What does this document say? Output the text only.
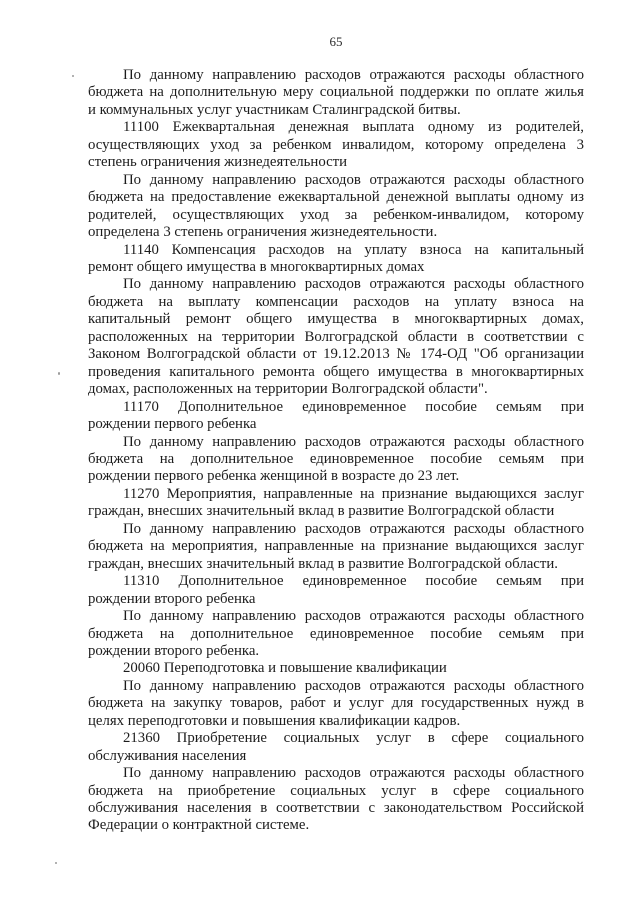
65
По данному направлению расходов отражаются расходы областного
бюджета на дополнительную меру социальной поддержки по оплате жилья
и коммунальных услуг участникам Сталинградской битвы.
11100 Ежеквартальная денежная выплата одному из родителей,
осуществляющих уход за ребенком инвалидом, которому определена 3
степень ограничения жизнедеятельности
По данному направлению расходов отражаются расходы областного
бюджета на предоставление ежеквартальной денежной выплаты одному из
родителей, осуществляющих уход за ребенком-инвалидом, которому
определена 3 степень ограничения жизнедеятельности.
11140 Компенсация расходов на уплату взноса на капитальный
ремонт общего имущества в многоквартирных домах
По данному направлению расходов отражаются расходы областного
бюджета на выплату компенсации расходов на уплату взноса на
капитальный ремонт общего имущества в многоквартирных домах,
расположенных на территории Волгоградской области в соответствии с
Законом Волгоградской области от 19.12.2013 № 174-ОД "Об организации
проведения капитального ремонта общего имущества в многоквартирных
домах, расположенных на территории Волгоградской области".
11170 Дополнительное единовременное пособие семьям при
рождении первого ребенка
По данному направлению расходов отражаются расходы областного
бюджета на дополнительное единовременное пособие семьям при
рождении первого ребенка женщиной в возрасте до 23 лет.
11270 Мероприятия, направленные на признание выдающихся заслуг
граждан, внесших значительный вклад в развитие Волгоградской области
По данному направлению расходов отражаются расходы областного
бюджета на мероприятия, направленные на признание выдающихся заслуг
граждан, внесших значительный вклад в развитие Волгоградской области.
11310 Дополнительное единовременное пособие семьям при
рождении второго ребенка
По данному направлению расходов отражаются расходы областного
бюджета на дополнительное единовременное пособие семьям при
рождении второго ребенка.
20060 Переподготовка и повышение квалификации
По данному направлению расходов отражаются расходы областного
бюджета на закупку товаров, работ и услуг для государственных нужд в
целях переподготовки и повышения квалификации кадров.
21360 Приобретение социальных услуг в сфере социального
обслуживания населения
По данному направлению расходов отражаются расходы областного
бюджета на приобретение социальных услуг в сфере социального
обслуживания населения в соответствии с законодательством Российской
Федерации о контрактной системе.
